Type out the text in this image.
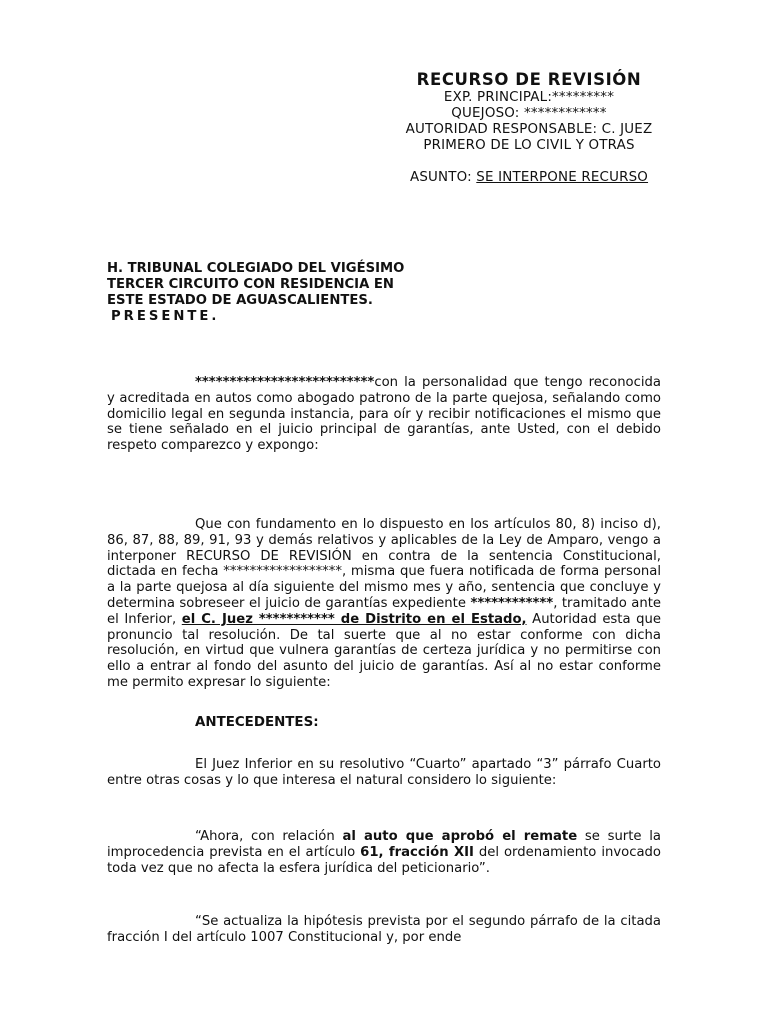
RECURSO DE REVISIÓN
EXP. PRINCIPAL:*********
QUEJOSO: ************
AUTORIDAD RESPONSABLE: C. JUEZ
PRIMERO DE LO CIVIL Y OTRAS
ASUNTO: SE INTERPONE RECURSO
H. TRIBUNAL COLEGIADO DEL VIGÉSIMO
TERCER CIRCUITO CON RESIDENCIA EN
ESTE ESTADO DE AGUASCALIENTES.
PRESENTE.
**************************con la personalidad que tengo reconocida y acreditada en autos como abogado patrono de la parte quejosa, señalando como domicilio legal en segunda instancia, para oír y recibir notificaciones el mismo que se tiene señalado en el juicio principal de garantías, ante Usted, con el debido respeto comparezco y expongo:
Que con fundamento en lo dispuesto en los artículos 80, 8) inciso d), 86, 87, 88, 89, 91, 93 y demás relativos y aplicables de la Ley de Amparo, vengo a interponer RECURSO DE REVISIÓN en contra de la sentencia Constitucional, dictada en fecha ******************, misma que fuera notificada de forma personal a la parte quejosa al día siguiente del mismo mes y año, sentencia que concluye y determina sobreseer el juicio de garantías expediente ************, tramitado ante el Inferior, el C. Juez *********** de Distrito en el Estado, Autoridad esta que pronuncio tal resolución. De tal suerte que al no estar conforme con dicha resolución, en virtud que vulnera garantías de certeza jurídica y no permitirse con ello a entrar al fondo del asunto del juicio de garantías. Así al no estar conforme me permito expresar lo siguiente:
ANTECEDENTES:
El Juez Inferior en su resolutivo “Cuarto” apartado “3” párrafo Cuarto entre otras cosas y lo que interesa el natural considero lo siguiente:
“Ahora, con relación al auto que aprobó el remate se surte la improcedencia prevista en el artículo 61, fracción XII del ordenamiento invocado toda vez que no afecta la esfera jurídica del peticionario”.
“Se actualiza la hipótesis prevista por el segundo párrafo de la citada fracción I del artículo 1007 Constitucional y, por ende
